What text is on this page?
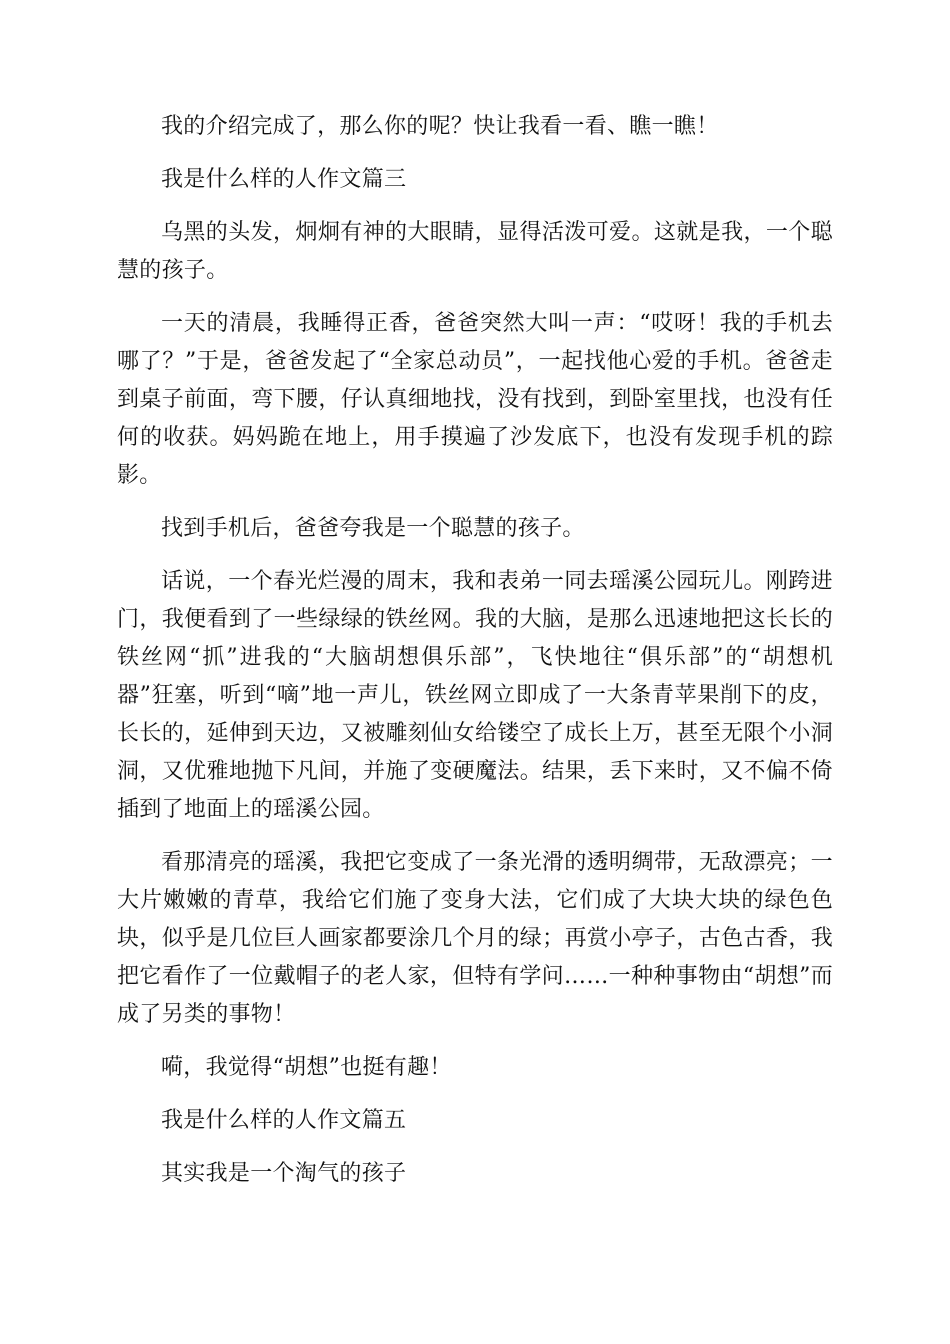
我的介绍完成了，那么你的呢？快让我看一看、瞧一瞧！

我是什么样的人作文篇三

乌黑的头发，炯炯有神的大眼睛，显得活泼可爱。这就是我，一个聪慧的孩子。

一天的清晨，我睡得正香，爸爸突然大叫一声：“哎呀！我的手机去哪了？”于是，爸爸发起了“全家总动员”，一起找他心爱的手机。爸爸走到桌子前面，弯下腰，仔认真细地找，没有找到，到卧室里找，也没有任何的收获。妈妈跪在地上，用手摸遍了沙发底下，也没有发现手机的踪影。

找到手机后，爸爸夸我是一个聪慧的孩子。

话说，一个春光烂漫的周末，我和表弟一同去瑶溪公园玩儿。刚跨进门，我便看到了一些绿绿的铁丝网。我的大脑，是那么迅速地把这长长的铁丝网“抓”进我的“大脑胡想俱乐部”，飞快地往“俱乐部”的“胡想机器”狂塞，听到“嘀”地一声儿，铁丝网立即成了一大条青苹果削下的皮，长长的，延伸到天边，又被雕刻仙女给镂空了成长上万，甚至无限个小洞洞，又优雅地抛下凡间，并施了变硬魔法。结果，丢下来时，又不偏不倚插到了地面上的瑶溪公园。

看那清亮的瑶溪，我把它变成了一条光滑的透明绸带，无敌漂亮；一大片嫩嫩的青草，我给它们施了变身大法，它们成了大块大块的绿色色块，似乎是几位巨人画家都要涂几个月的绿；再赏小亭子，古色古香，我把它看作了一位戴帽子的老人家，但特有学问……一种种事物由“胡想”而成了另类的事物！

嗬，我觉得“胡想”也挺有趣！

我是什么样的人作文篇五

其实我是一个淘气的孩子
